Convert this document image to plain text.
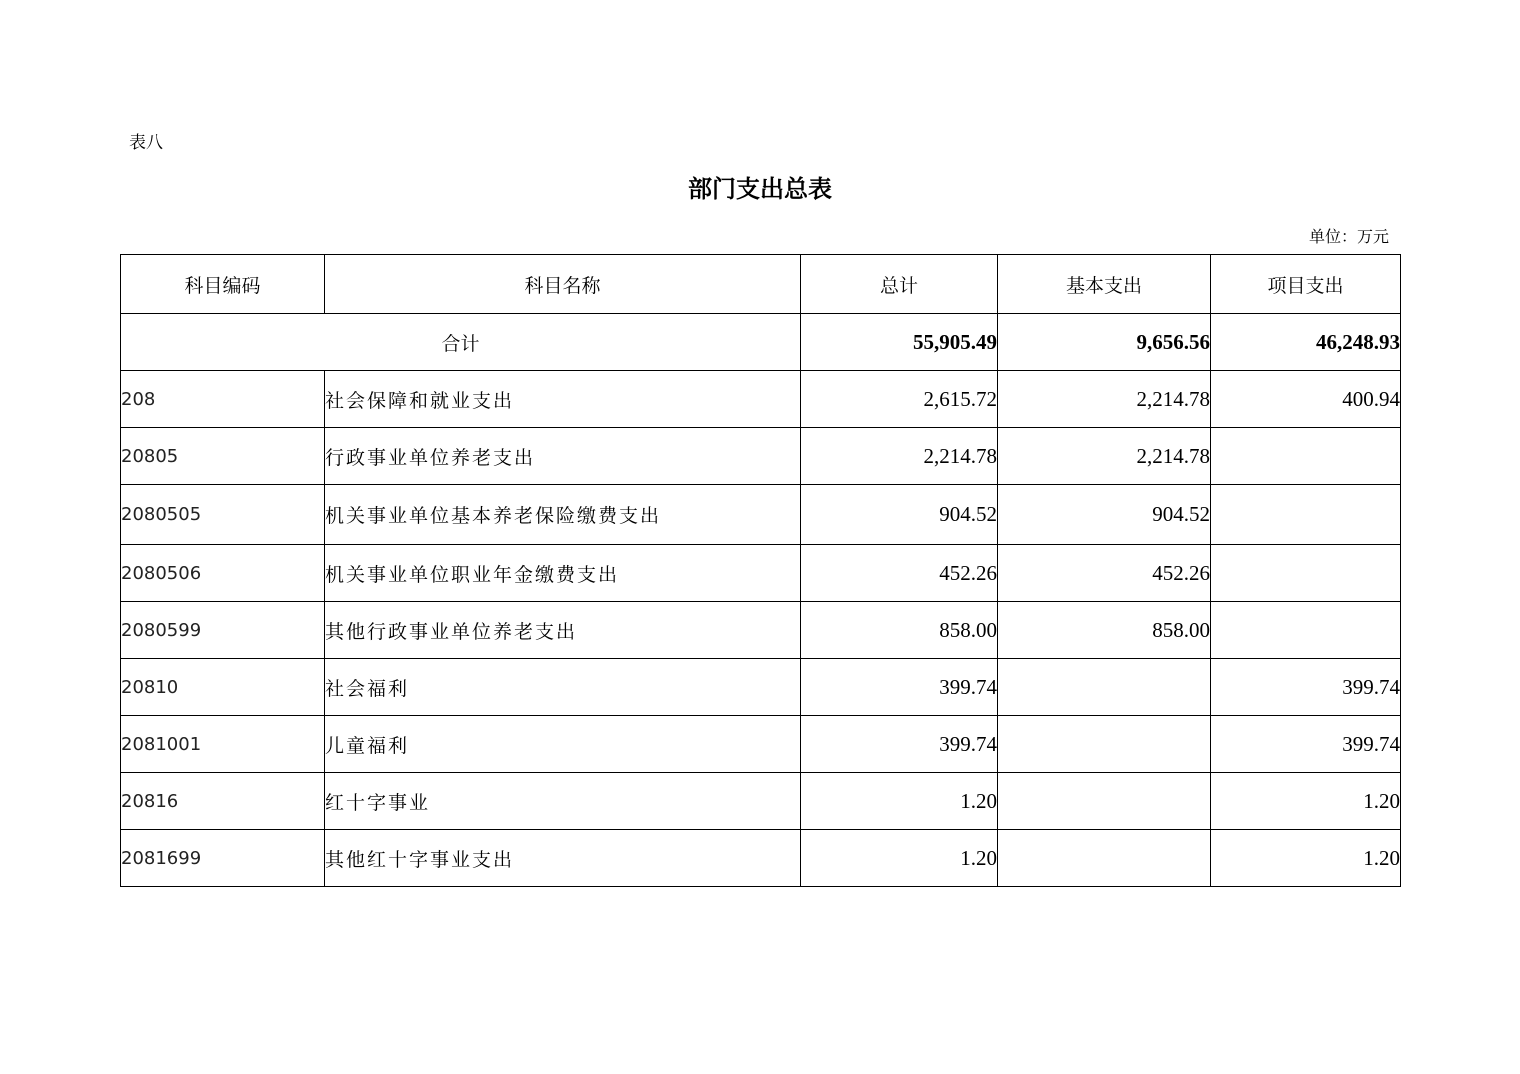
表八
部门支出总表
单位：万元
科目编码	科目名称	总计	基本支出	项目支出
合计		55,905.49	9,656.56	46,248.93
208	社会保障和就业支出	2,615.72	2,214.78	400.94
20805	行政事业单位养老支出	2,214.78	2,214.78	
2080505	机关事业单位基本养老保险缴费支出	904.52	904.52	
2080506	机关事业单位职业年金缴费支出	452.26	452.26	
2080599	其他行政事业单位养老支出	858.00	858.00	
20810	社会福利	399.74		399.74
2081001	儿童福利	399.74		399.74
20816	红十字事业	1.20		1.20
2081699	其他红十字事业支出	1.20		1.20
